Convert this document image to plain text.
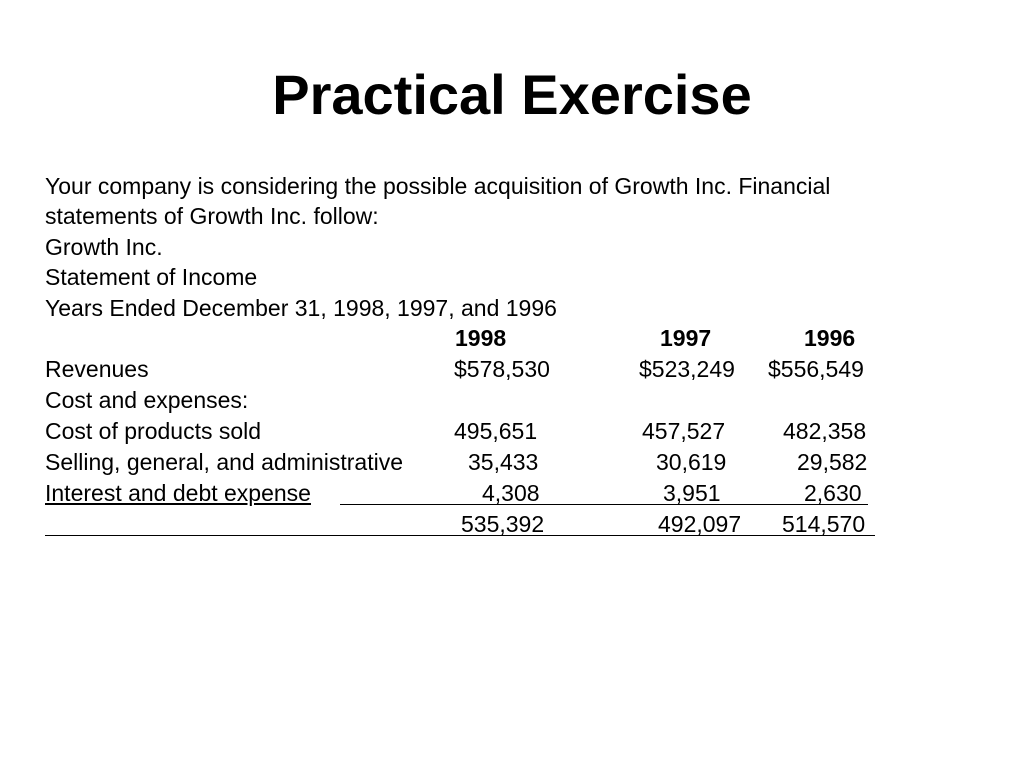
Practical Exercise
Your company is considering the possible acquisition of Growth Inc. Financial
statements of Growth Inc. follow:
Growth Inc.
Statement of Income
Years Ended December 31, 1998, 1997, and 1996
1998	1997	1996
Revenues	$578,530	$523,249 $556,549
Cost and expenses:
Cost of products sold	495,651	457,527	482,358
Selling, general, and administrative	35,433	30,619	29,582
Interest and debt expense	4,308	3,951	2,630
535,392	492,097 514,570
